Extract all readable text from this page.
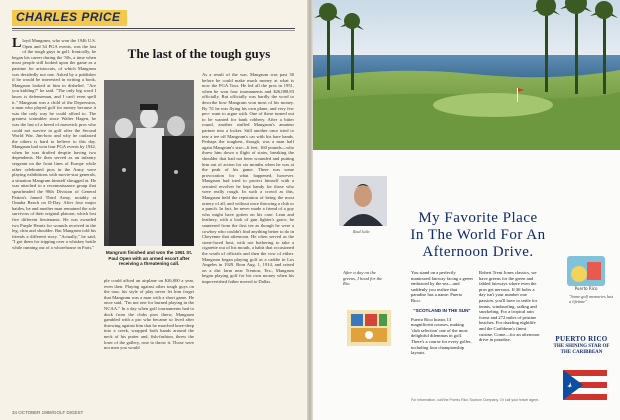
CHARLES PRICE
Lloyd Mangrum, who won the 1946 U.S. Open and 34 PGA events, was the last of the tough guys in golf. Ironically, he began his career during the '30s, a time when most people still looked upon the game as a pastime for aristocrats, of which Mangrum was decidedly not one. Asked by a publisher if he would be interested in writing a book, Mangrum looked at him in disbelief. "Are you kidding?" he said. "The only big word I know is defenseman, and I can't even spell it." Mangrum was a child of the Depression, a man who played golf for money because it was the only way he could afford to. The greatest scrambler since Walter Hagen, he was the last of a breed of maverick pros who could not survive in golf after the Second World War. Jim-how and why he outlasted the others is hard to believe to this day. Mangrum had won four PGA events by 1942, when he was drafted despite having two dependents. He then served as an infantry sergeant on the front lines of Europe while other celebrated pros in the Army were playing exhibitions with movie-star generals, a situation Mangrum himself shrugged at. He was attached to a reconnaissance group that spearheaded the 90th Division of General Patton's famed Third Army, notably at Omaha Beach on D-Day. After four major battles, he and another man remained the sole survivors of their original platoon, which lost five different lieutenants. He was awarded two Purple Hearts for wounds received in the leg, chin and shoulder. But Mangrum told his friends a different story. "Actually," he said, "I got them for tripping over a whiskey bottle while running out of a whorehouse in Paris."
The last of the tough guys
Mangrum finished and won the 1951 St. Paul Open with an armed escort after receiving a threatening call.
ple could afford an airplane on $26,000 a year, even then. Playing against other tough guys on the tour, his style of play never let him forget that Mangrum was a man with a short game. He once said, "I'm not one for burned playing in the NCAA." In a day when golf tournaments had to duck from the clubs pros threw, Mangrum gambled with a pro who became so lived after throwing against him that he marched knee-deep into a creek, wrapped both hands around the neck of his putter and, fish-fashion, threw the loser of the gallery, rose to throw it. Those were not men you would
As a result of the war, Mangrum was past 30 before he could make much money at what is now the PGA Tour. He led all the pros in 1951, when he won four tournaments and $26,088.83 officially. But officially was hardly the word to describe how Mangrum won most of his money. By '51 he was flying his own plane, and very few peo- want to argue with. One of these turned out to be wanted for bank robbery. After a bitter round, another stuffed Mangrum's amateur partner into a locker. Still another once tried to tear a tee off Mangrum's car with his bare hands. Perhaps the toughest, though, was a man half again Mangrum's size—6 feet, 160 pounds—who threw him down a flight of stairs, breaking the shoulder that had not been wounded and putting him out of action for six months when he was at the peak of his game. There was some provocation for what happened, however. Mangrum had tried to protect himself with a serrated revolver he kept handy for those who were really rough. In such a crowd as this, Mangrum held the reputation of being the most ornery of all, and without once throwing a club or a punch. In fact, he never made a friend of a guy who might have gotten on his case. Lean and leathery, with a look of gun fighter's grace, he sauntered from the first tee as though he were a cowboy who couldn't find anything better to do in Cheyenne that afternoon. He often served as the stone-faced host, with not bothering to take a cigarette out of his mouth, a habit that occasioned the wrath of officials and then the vow of either. Mangrum began playing golf as a caddie in Los Angeles in 1929. Born Aug. 1, 1914, and raised on a dirt farm near Trenton, Tex., Mangrum began playing golf for his own money when his impoverished father moved to Dallas.
34 OCTOBER 1989/GOLF DIGEST
Raul Julia
My Favorite Place
In The World For An
Afternoon Drive.
After a day on the greens, I head for the Rio.
You stand on a perfectly manicured fairway facing a green embraced by the sea—and suddenly you realize that paradise has a name: Puerto Rico.
"SCOTLAND IN THE SUN"
Puerto Rico boasts 13 magnificent courses, making 'club selection' one of the most delightful dilemmas in golf. There's a course for every golfer, including four championship layouts.
Robert Trent Jones classics, we have greens for the green and fabled fairways where even the pros get nervous. If 36 holes a day isn't your number one passion, you'll have to settle for tennis, windsurfing, sailing and snorkeling. For a tropical rain forest and 272 miles of pristine beaches. For dazzling nightlife and the Caribbean's finest cuisine. Come—for an afternoon drive in paradise.
Puerto Rico
"Some golf memories last a lifetime"
PUERTO RICO
THE SHINING STAR OF
THE CARIBBEAN
For information, call the Puerto Rico Tourism Company. Or call your travel agent.
